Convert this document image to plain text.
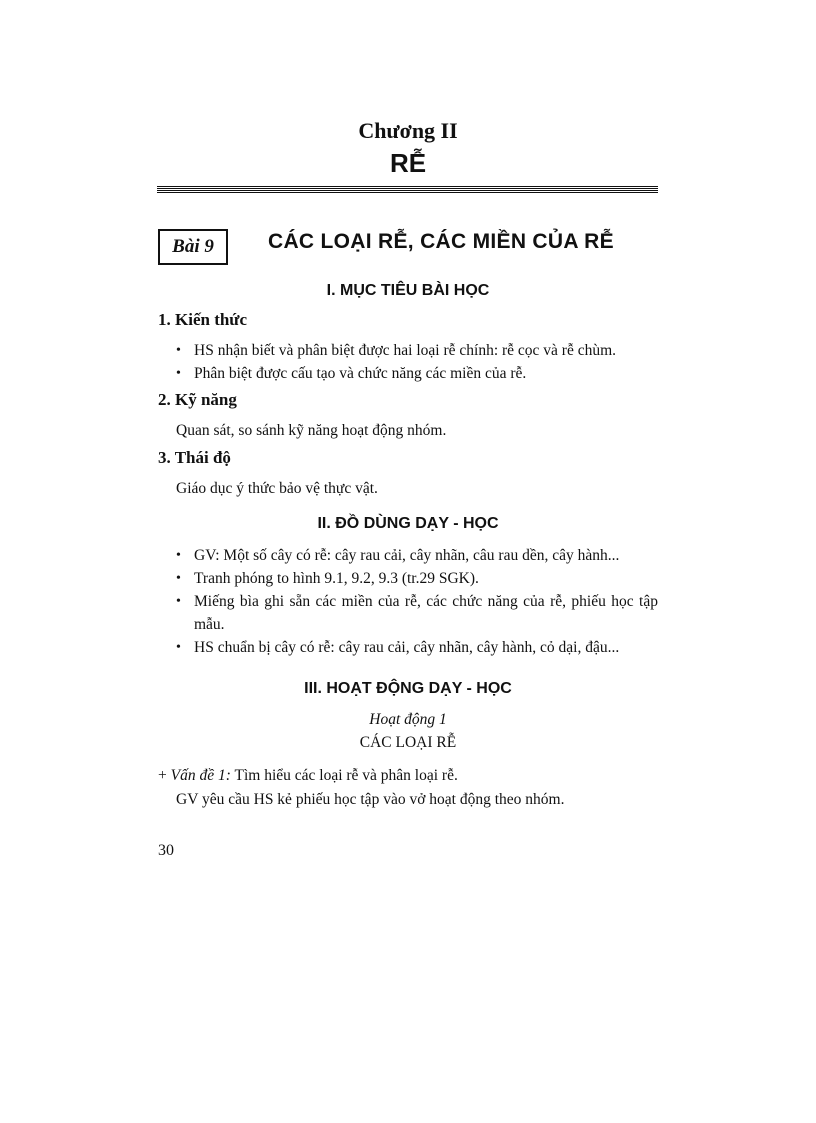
Chương II
RỄ
Bài 9	CÁC LOẠI RỄ, CÁC MIỀN CỦA RỄ
I. MỤC TIÊU BÀI HỌC
1. Kiến thức
• HS nhận biết và phân biệt được hai loại rễ chính: rễ cọc và rễ chùm.
• Phân biệt được cấu tạo và chức năng các miền của rễ.
2. Kỹ năng
Quan sát, so sánh kỹ năng hoạt động nhóm.
3. Thái độ
Giáo dục ý thức bảo vệ thực vật.
II. ĐỒ DÙNG DẠY - HỌC
• GV: Một số cây có rễ: cây rau cải, cây nhãn, câu rau dền, cây hành...
• Tranh phóng to hình 9.1, 9.2, 9.3 (tr.29 SGK).
• Miếng bìa ghi sẵn các miền của rễ, các chức năng của rễ, phiếu học tập mẫu.
• HS chuẩn bị cây có rễ: cây rau cải, cây nhãn, cây hành, cỏ dại, đậu...
III. HOẠT ĐỘNG DẠY - HỌC
Hoạt động 1
CÁC LOẠI RỄ
+ Vấn đề 1: Tìm hiểu các loại rễ và phân loại rễ.
GV yêu cầu HS kẻ phiếu học tập vào vở hoạt động theo nhóm.
30
